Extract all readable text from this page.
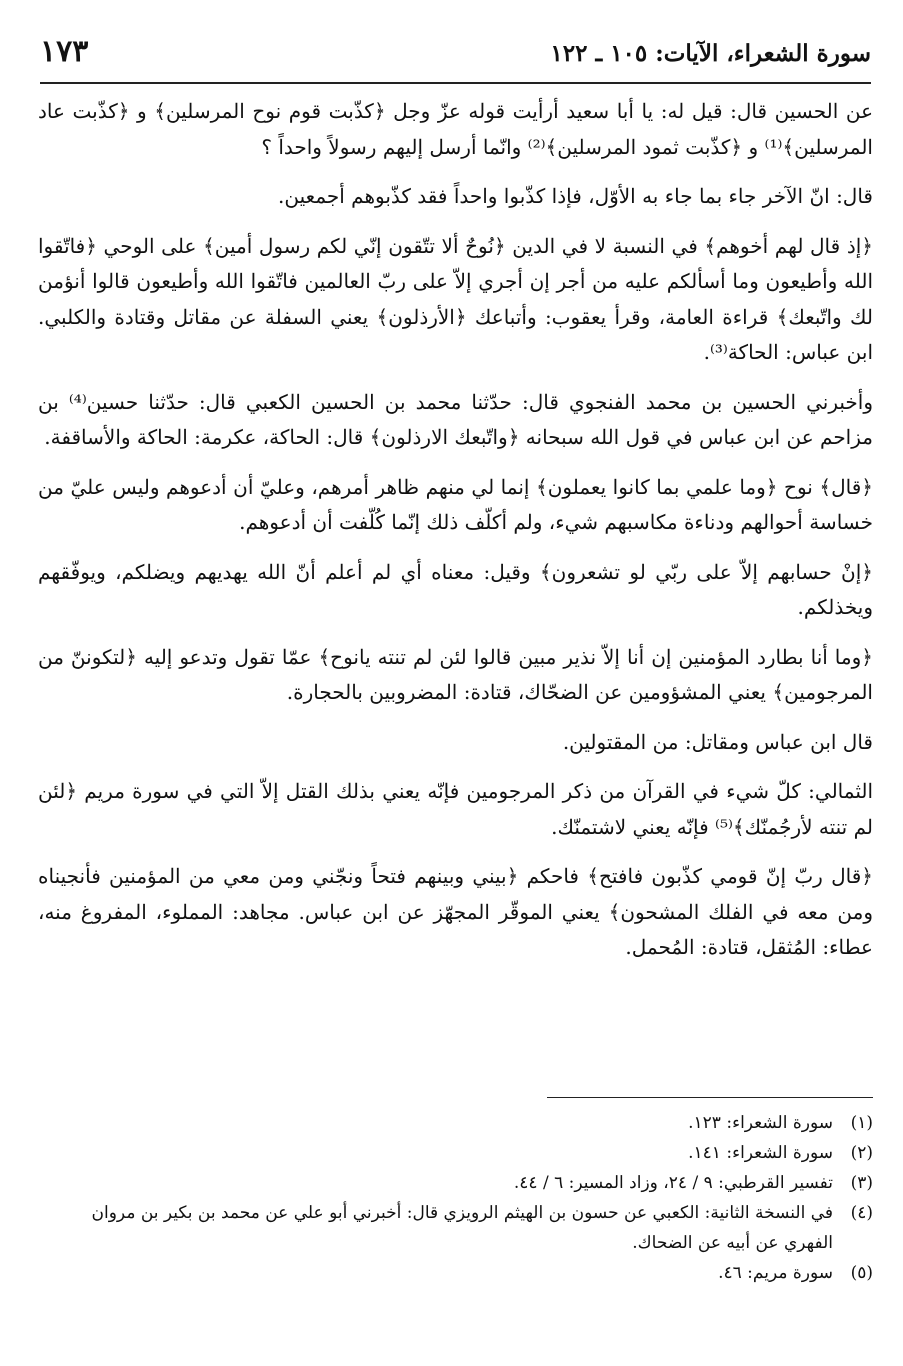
سورة الشعراء، الآيات: ١٠٥ ـ ١٢٢
١٧٣

عن الحسين قال: قيل له: يا أبا سعيد أرأيت قوله عزّ وجل ﴿كذّبت قوم نوح المرسلين﴾ و ﴿كذّبت عاد المرسلين﴾⁽¹⁾ و ﴿كذّبت ثمود المرسلين﴾⁽²⁾ وانّما أرسل إليهم رسولاً واحداً ؟

قال: انّ الآخر جاء بما جاء به الأوّل، فإذا كذّبوا واحداً فقد كذّبوهم أجمعين.

﴿إذ قال لهم أخوهم﴾ في النسبة لا في الدين ﴿نُوحٌ ألا تتّقون إنّي لكم رسول أمين﴾ على الوحي ﴿فاتّقوا الله وأطيعون وما أسألكم عليه من أجر إن أجري إلاّ على ربّ العالمين فاتّقوا الله وأطيعون قالوا أنؤمن لك واتّبعك﴾ قراءة العامة، وقرأ يعقوب: وأتباعك ﴿الأرذلون﴾ يعني السفلة عن مقاتل وقتادة والكلبي. ابن عباس: الحاكة⁽³⁾.

وأخبرني الحسين بن محمد الفنجوي قال: حدّثنا محمد بن الحسين الكعبي قال: حدّثنا حسين⁽⁴⁾ بن مزاحم عن ابن عباس في قول الله سبحانه ﴿واتّبعك الارذلون﴾ قال: الحاكة، عكرمة: الحاكة والأساقفة.

﴿قال﴾ نوح ﴿وما علمي بما كانوا يعملون﴾ إنما لي منهم ظاهر أمرهم، وعليّ أن أدعوهم وليس عليّ من خساسة أحوالهم ودناءة مكاسبهم شيء، ولم أكلّف ذلك إنّما كُلّفت أن أدعوهم.

﴿إنْ حسابهم إلاّ على ربّي لو تشعرون﴾ وقيل: معناه أي لم أعلم أنّ الله يهديهم ويضلكم، ويوفّقهم ويخذلكم.

﴿وما أنا بطارد المؤمنين إن أنا إلاّ نذير مبين قالوا لئن لم تنته يانوح﴾ عمّا تقول وتدعو إليه ﴿لتكوننّ من المرجومين﴾ يعني المشؤومين عن الضحّاك، قتادة: المضروبين بالحجارة.

قال ابن عباس ومقاتل: من المقتولين.

الثمالي: كلّ شيء في القرآن من ذكر المرجومين فإنّه يعني بذلك القتل إلاّ التي في سورة مريم ﴿لئن لم تنته لأرجُمنّك﴾⁽⁵⁾ فإنّه يعني لاشتمنّك.

﴿قال ربّ إنّ قومي كذّبون فافتح﴾ فاحكم ﴿بيني وبينهم فتحاً ونجّني ومن معي من المؤمنين فأنجيناه ومن معه في الفلك المشحون﴾ يعني الموقّر المجهّز عن ابن عباس. مجاهد: المملوء، المفروغ منه، عطاء: المُثقل، قتادة: المُحمل.

(١)
سورة الشعراء: ١٢٣.
(٢)
سورة الشعراء: ١٤١.
(٣)
تفسير القرطبي: ٩ / ٢٤، وزاد المسير: ٦ / ٤٤.
(٤)
في النسخة الثانية: الكعبي عن حسون بن الهيثم الرويزي قال: أخبرني أبو علي عن محمد بن بكير بن مروان الفهري عن أبيه عن الضحاك.
(٥)
سورة مريم: ٤٦.
